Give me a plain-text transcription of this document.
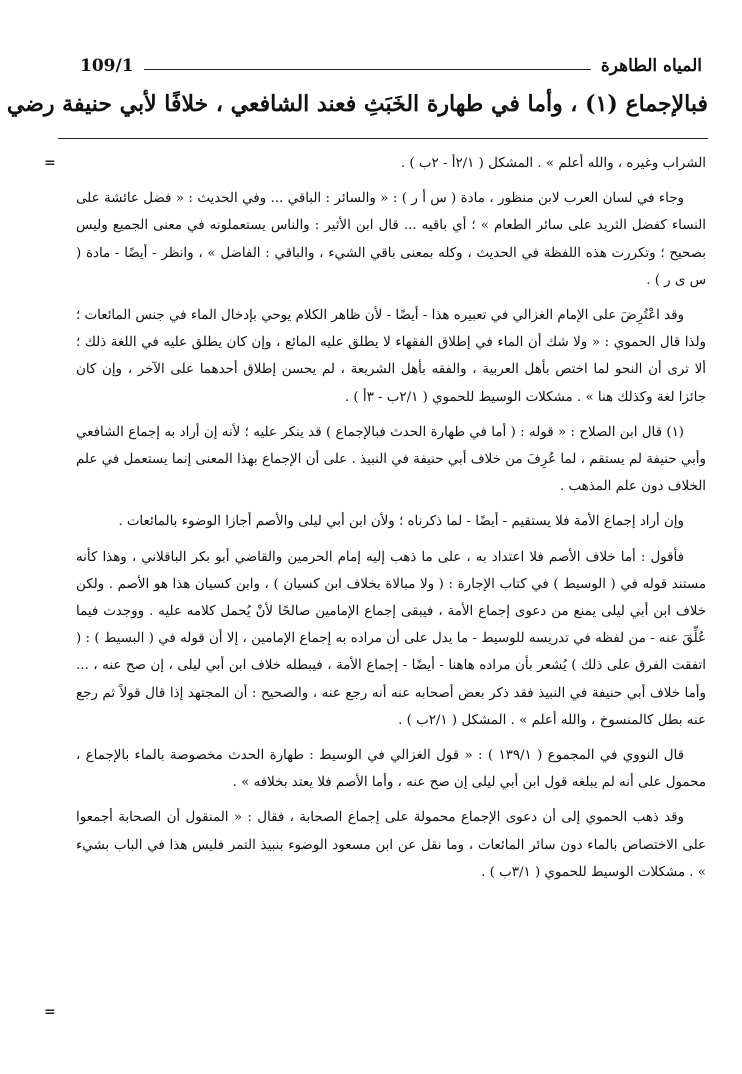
المياه الطاهرة
109/1
فبالإجماع (١) ، وأما في طهارة الخَبَثِ فعند الشافعي ، خلافًا لأبي حنيفة رضي
=
=

الشراب وغيره ، والله أعلم » . المشكل ( ٢/١أ - ٢ب ) .

وجاء في لسان العرب لابن منظور ، مادة ( س أ ر ) : « والسائر : الباقي ... وفي الحديث : « فضل عائشة على النساء كفضل الثريد على سائر الطعام » ؛ أي باقيه ... قال ابن الأثير : والناس يستعملونه في معنى الجميع وليس بصحيح ؛ وتكررت هذه اللفظة في الحديث ، وكله بمعنى باقي الشيء ، والباقي : الفاضل » ، وانظر - أيضًا - مادة ( س ى ر ) .

وقد اعْتُرِضَ على الإمام الغزالي في تعبيره هذا - أيضًا - لأن ظاهر الكلام يوحي بإدخال الماء في جنس المائعات ؛ ولذا قال الحموي : « ولا شك أن الماء في إطلاق الفقهاء لا يطلق عليه المائع ، وإن كان يطلق عليه في اللغة ذلك ؛ ألا ترى أن النحو لما اختص بأهل العربية ، والفقه بأهل الشريعة ، لم يحسن إطلاق أحدهما على الآخر ، وإن كان جائزا لغة وكذلك هنا » . مشكلات الوسيط للحموي ( ٢/١ب - ٣أ ) .

(١) قال ابن الصلاح : « قوله : ( أما في طهارة الحدث فبالإجماع ) قد ينكر عليه ؛ لأنه إن أراد به إجماع الشافعي وأبي حنيفة لم يستقم ، لما عُرِفَ من خلاف أبي حنيفة في النبيذ . على أن الإجماع بهذا المعنى إنما يستعمل في علم الخلاف دون علم المذهب .

وإن أراد إجماع الأمة فلا يستقيم - أيضًا - لما ذكرناه ؛ ولأن ابن أبي ليلى والأصم أجازا الوضوء بالمائعات .

فأقول : أما خلاف الأصم فلا اعتداد به ، على ما ذهب إليه إمام الحرمين والقاضي أبو بكر الباقلاني ، وهذا كأنه مستند قوله في ( الوسيط ) في كتاب الإجارة : ( ولا مبالاة بخلاف ابن كسيان ) ، وابن كسيان هذا هو الأصم . ولكن خلاف ابن أبي ليلى يمنع من دعوى إجماع الأمة ، فيبقى إجماع الإمامين صالحًا لأنْ يُحمل كلامه عليه . ووجدت فيما عُلِّقَ عنه - من لفظه في تدريسه للوسيط - ما يدل على أن مراده به إجماع الإمامين ، إلا أن قوله في ( البسيط ) : ( اتفقت الفرق على ذلك ) يُشعر بأن مراده هاهنا - أيضًا - إجماع الأمة ، فيبطله خلاف ابن أبي ليلى ، إن صح عنه ، ... وأما خلاف أبي حنيفة في النبيذ فقد ذكر بعض أصحابه عنه أنه رجع عنه ، والصحيح : أن المجتهد إذا قال قولاً ثم رجع عنه بطل كالمنسوخ ، والله أعلم » . المشكل ( ٢/١ب ) .

قال النووي في المجموع ( ١٣٩/١ ) : « قول الغزالي في الوسيط : طهارة الحدث مخصوصة بالماء بالإجماع ، محمول على أنه لم يبلغه قول ابن أبي ليلى إن صح عنه ، وأما الأصم فلا يعتد بخلافه » .

وقد ذهب الحموي إلى أن دعوى الإجماع محمولة على إجماع الصحابة ، فقال : « المنقول أن الصحابة أجمعوا على الاختصاص بالماء دون سائر المائعات ، وما نقل عن ابن مسعود الوضوء بنبيذ التمر فليس هذا في الباب بشيء » . مشكلات الوسيط للحموي ( ٣/١ب ) .
